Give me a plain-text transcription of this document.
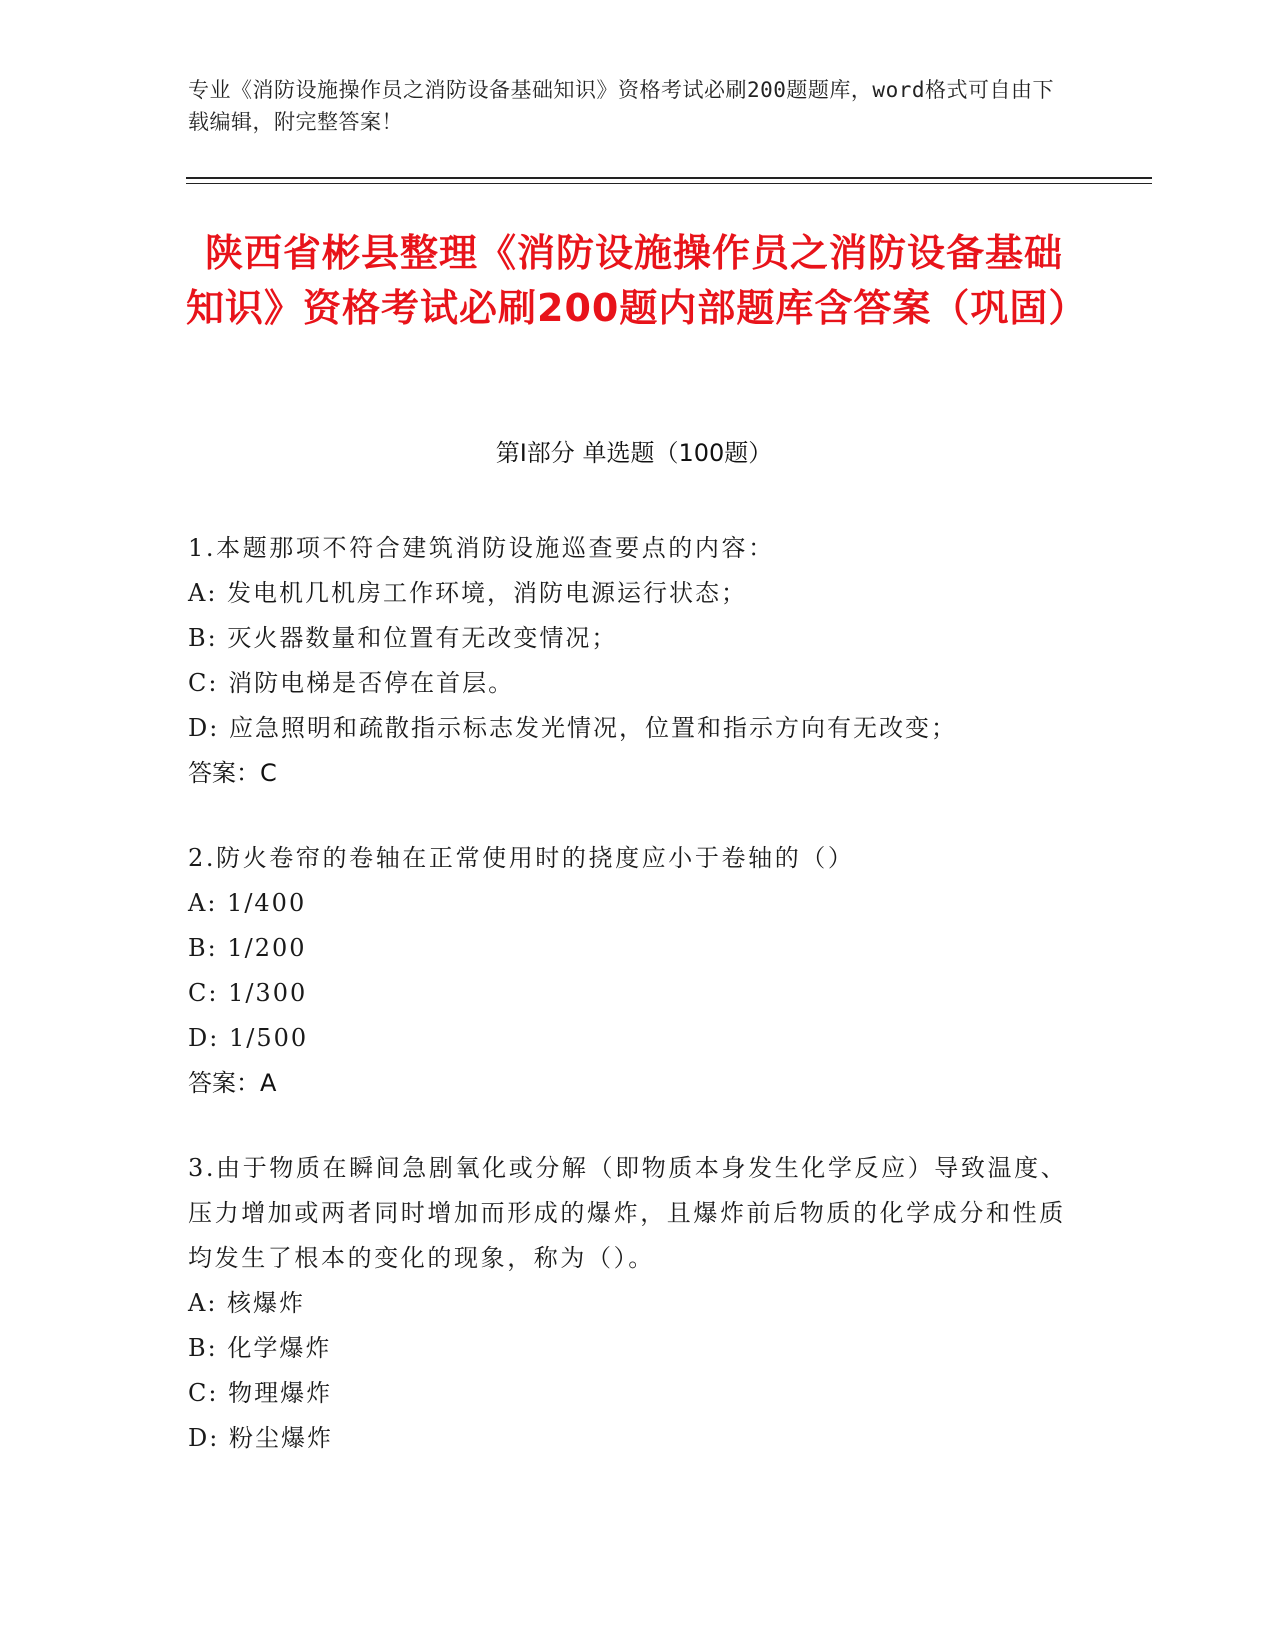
专业《消防设施操作员之消防设备基础知识》资格考试必刷200题题库，word格式可自由下载编辑，附完整答案！
陕西省彬县整理《消防设施操作员之消防设备基础知识》资格考试必刷200题内部题库含答案（巩固）
第Ⅰ部分 单选题（100题）
1.本题那项不符合建筑消防设施巡查要点的内容：
A: 发电机几机房工作环境，消防电源运行状态；
B: 灭火器数量和位置有无改变情况；
C: 消防电梯是否停在首层。
D: 应急照明和疏散指示标志发光情况，位置和指示方向有无改变；
答案：C
2.防火卷帘的卷轴在正常使用时的挠度应小于卷轴的（）
A: 1/400
B: 1/200
C: 1/300
D: 1/500
答案：A
3.由于物质在瞬间急剧氧化或分解（即物质本身发生化学反应）导致温度、压力增加或两者同时增加而形成的爆炸，且爆炸前后物质的化学成分和性质均发生了根本的变化的现象，称为（）。
A: 核爆炸
B: 化学爆炸
C: 物理爆炸
D: 粉尘爆炸
